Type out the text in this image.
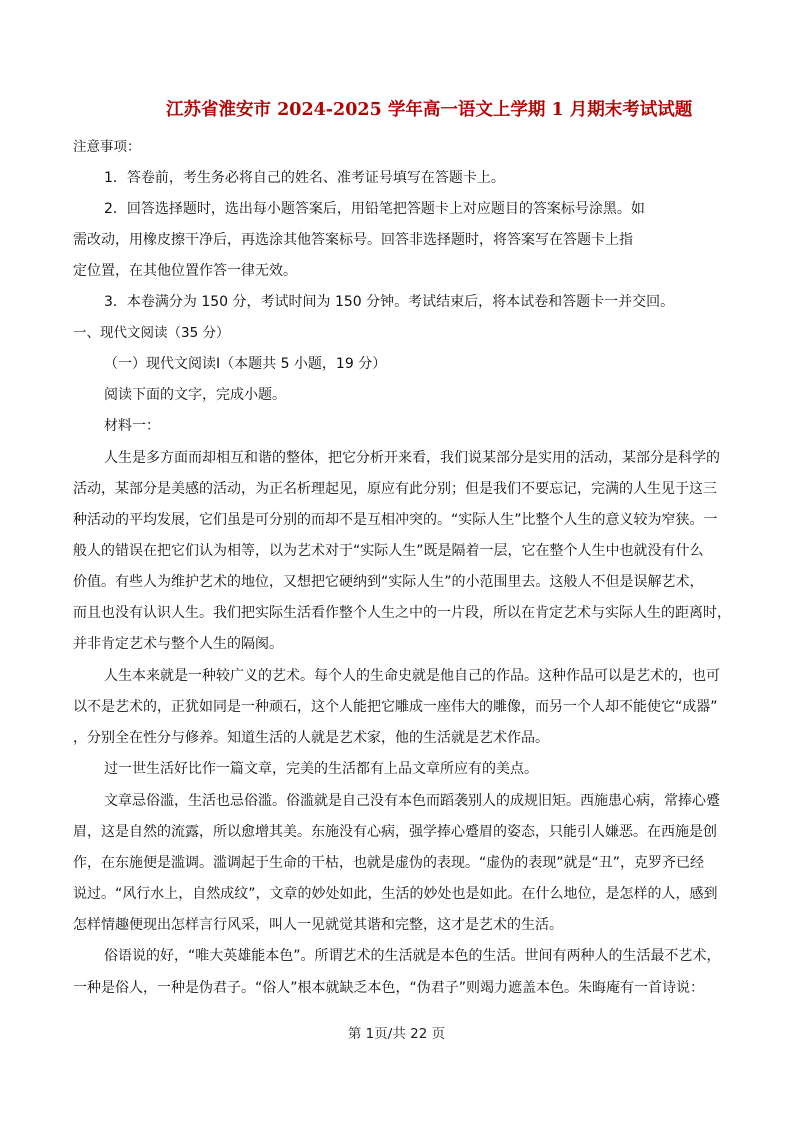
江苏省淮安市 2024-2025 学年高一语文上学期 1 月期末考试试题
注意事项：
1．答卷前，考生务必将自己的姓名、准考证号填写在答题卡上。
2．回答选择题时，选出每小题答案后，用铅笔把答题卡上对应题目的答案标号涂黑。如
需改动，用橡皮擦干净后，再选涂其他答案标号。回答非选择题时，将答案写在答题卡上指
定位置，在其他位置作答一律无效。
3．本卷满分为 150 分，考试时间为 150 分钟。考试结束后，将本试卷和答题卡一并交回。
一、现代文阅读（35 分）
（一）现代文阅读Ⅰ（本题共 5 小题，19 分）
阅读下面的文字，完成小题。
材料一：
人生是多方面而却相互和谐的整体，把它分析开来看，我们说某部分是实用的活动，某部分是科学的
活动，某部分是美感的活动，为正名析理起见，原应有此分别；但是我们不要忘记，完满的人生见于这三
种活动的平均发展，它们虽是可分别的而却不是互相冲突的。“实际人生”比整个人生的意义较为窄狭。一
般人的错误在把它们认为相等，以为艺术对于“实际人生”既是隔着一层，它在整个人生中也就没有什么
价值。有些人为维护艺术的地位，又想把它硬纳到“实际人生”的小范围里去。这般人不但是误解艺术，
而且也没有认识人生。我们把实际生活看作整个人生之中的一片段，所以在肯定艺术与实际人生的距离时，
并非肯定艺术与整个人生的隔阂。
人生本来就是一种较广义的艺术。每个人的生命史就是他自己的作品。这种作品可以是艺术的，也可
以不是艺术的，正犹如同是一种顽石，这个人能把它雕成一座伟大的雕像，而另一个人却不能使它“成器”
，分别全在性分与修养。知道生活的人就是艺术家，他的生活就是艺术作品。
过一世生活好比作一篇文章，完美的生活都有上品文章所应有的美点。
文章忌俗滥，生活也忌俗滥。俗滥就是自己没有本色而蹈袭别人的成规旧矩。西施患心病，常捧心蹙
眉，这是自然的流露，所以愈增其美。东施没有心病，强学捧心蹙眉的姿态，只能引人嫌恶。在西施是创
作，在东施便是滥调。滥调起于生命的干枯，也就是虚伪的表现。“虚伪的表现”就是“丑”，克罗齐已经
说过。“风行水上，自然成纹”，文章的妙处如此，生活的妙处也是如此。在什么地位，是怎样的人，感到
怎样情趣便现出怎样言行风采，叫人一见就觉其谐和完整，这才是艺术的生活。
俗语说的好，“唯大英雄能本色”。所谓艺术的生活就是本色的生活。世间有两种人的生活最不艺术，
一种是俗人，一种是伪君子。“俗人”根本就缺乏本色，“伪君子”则竭力遮盖本色。朱晦庵有一首诗说：
第 1页/共 22 页
